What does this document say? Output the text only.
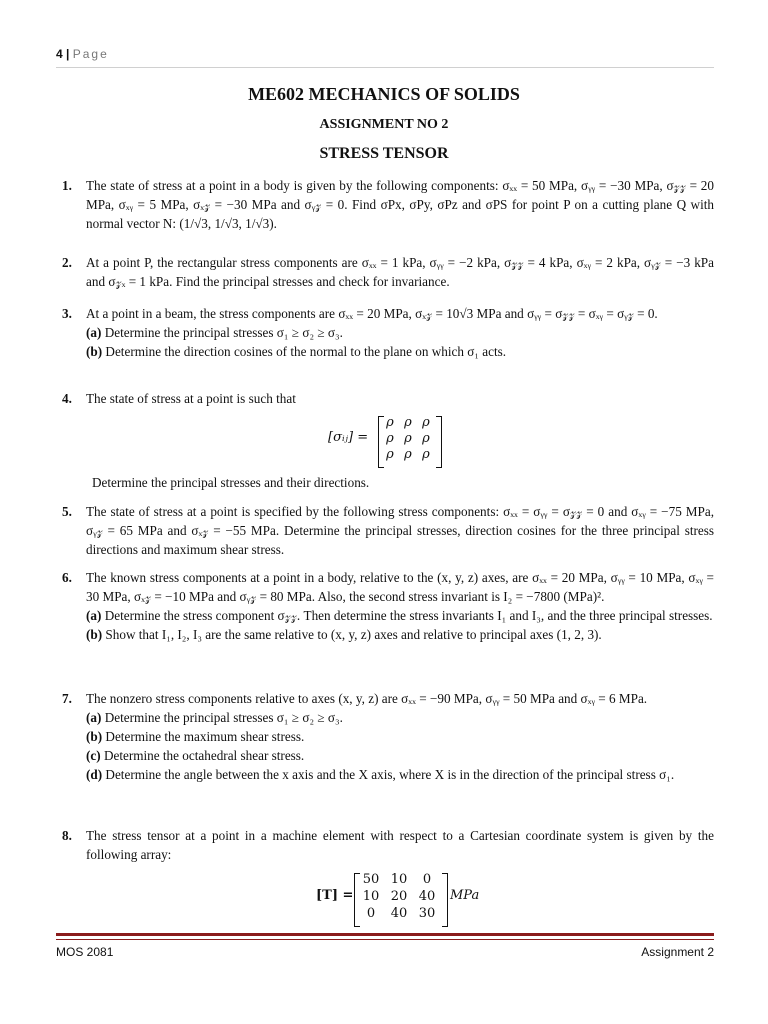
4 | Page
ME602 MECHANICS OF SOLIDS
ASSIGNMENT NO 2
STRESS TENSOR
1. The state of stress at a point in a body is given by the following components: σₓₓ = 50 MPa, σᵧᵧ = −30 MPa, σ𝓏𝓏 = 20 MPa, σₓᵧ = 5 MPa, σₓ𝓏 = −30 MPa and σᵧ𝓏 = 0. Find σPx, σPy, σPz and σPS for point P on a cutting plane Q with normal vector N: (1/√3, 1/√3, 1/√3).
2. At a point P, the rectangular stress components are σₓₓ = 1 kPa, σᵧᵧ = −2 kPa, σ𝓏𝓏 = 4 kPa, σₓᵧ = 2 kPa, σᵧ𝓏 = −3 kPa and σ𝓏ₓ = 1 kPa. Find the principal stresses and check for invariance.
3. At a point in a beam, the stress components are σₓₓ = 20 MPa, σₓ𝓏 = 10√3 MPa and σᵧᵧ = σ𝓏𝓏 = σₓᵧ = σᵧ𝓏 = 0.
(a) Determine the principal stresses σ₁ ≥ σ₂ ≥ σ₃.
(b) Determine the direction cosines of the normal to the plane on which σ₁ acts.
4. The state of stress at a point is such that
[σᵢⱼ] =
ρ ρ ρ
ρ ρ ρ
ρ ρ ρ
Determine the principal stresses and their directions.
5. The state of stress at a point is specified by the following stress components: σₓₓ = σᵧᵧ = σ𝓏𝓏 = 0 and σₓᵧ = −75 MPa, σᵧ𝓏 = 65 MPa and σₓ𝓏 = −55 MPa. Determine the principal stresses, direction cosines for the three principal stress directions and maximum shear stress.
6. The known stress components at a point in a body, relative to the (x, y, z) axes, are σₓₓ = 20 MPa, σᵧᵧ = 10 MPa, σₓᵧ = 30 MPa, σₓ𝓏 = −10 MPa and σᵧ𝓏 = 80 MPa. Also, the second stress invariant is I₂ = −7800 (MPa)².
(a) Determine the stress component σ𝓏𝓏. Then determine the stress invariants I₁ and I₃, and the three principal stresses.
(b) Show that I₁, I₂, I₃ are the same relative to (x, y, z) axes and relative to principal axes (1, 2, 3).
7. The nonzero stress components relative to axes (x, y, z) are σₓₓ = −90 MPa, σᵧᵧ = 50 MPa and σₓᵧ = 6 MPa.
(a) Determine the principal stresses σ₁ ≥ σ₂ ≥ σ₃.
(b) Determine the maximum shear stress.
(c) Determine the octahedral shear stress.
(d) Determine the angle between the x axis and the X axis, where X is in the direction of the principal stress σ₁.
8. The stress tensor at a point in a machine element with respect to a Cartesian coordinate system is given by the following array:
[T] =
50 10	0
10 20 40
0	40 30
MPa
MOS 2081	Assignment 2
